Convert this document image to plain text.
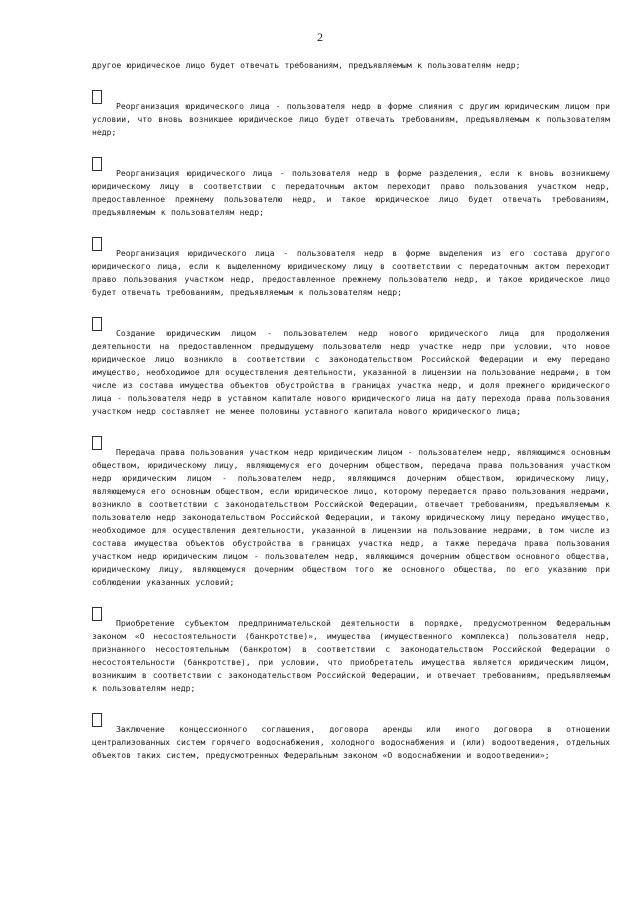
2

другое юридическое лицо будет отвечать требованиям, предъявляемым к пользователям недр;

Реорганизация юридического лица - пользователя недр в форме слияния с другим юридическим лицом при условии, что вновь возникшее юридическое лицо будет отвечать требованиям, предъявляемым к пользователям недр;

Реорганизация юридического лица - пользователя недр в форме разделения, если к вновь возникшему юридическому лицу в соответствии с передаточным актом переходит право пользования участком недр, предоставленное прежнему пользователю недр, и такое юридическое лицо будет отвечать требованиям, предъявляемым к пользователям недр;

Реорганизация юридического лица - пользователя недр в форме выделения из его состава другого юридического лица, если к выделенному юридическому лицу в соответствии с передаточным актом переходит право пользования участком недр, предоставленное прежнему пользователю недр, и такое юридическое лицо будет отвечать требованиям, предъявляемым к пользователям недр;

Создание юридическим лицом - пользователем недр нового юридического лица для продолжения деятельности на предоставленном предыдущему пользователю недр участке недр при условии, что новое юридическое лицо возникло в соответствии с законодательством Российской Федерации и ему передано имущество, необходимое для осуществления деятельности, указанной в лицензии на пользование недрами, в том числе из состава имущества объектов обустройства в границах участка недр, и доля прежнего юридического лица - пользователя недр в уставном капитале нового юридического лица на дату перехода права пользования участком недр составляет не менее половины уставного капитала нового юридического лица;

Передача права пользования участком недр юридическим лицом - пользователем недр, являющимся основным обществом, юридическому лицу, являющемуся его дочерним обществом, передача права пользования участком недр юридическим лицом - пользователем недр, являющимся дочерним обществом, юридическому лицу, являющемуся его основным обществом, если юридическое лицо, которому передается право пользования недрами, возникло в соответствии с законодательством Российской Федерации, отвечает требованиям, предъявляемым к пользователю недр законодательством Российской Федерации, и такому юридическому лицу передано имущество, необходимое для осуществления деятельности, указанной в лицензии на пользование недрами, в том числе из состава имущества объектов обустройства в границах участка недр, а также передача права пользования участком недр юридическим лицом - пользователем недр, являющимся дочерним обществом основного общества, юридическому лицу, являющемуся дочерним обществом того же основного общества, по его указанию при соблюдении указанных условий;

Приобретение субъектом предпринимательской деятельности в порядке, предусмотренном Федеральным законом «О несостоятельности (банкротстве)», имущества (имущественного комплекса) пользователя недр, признанного несостоятельным (банкротом) в соответствии с законодательством Российской Федерации о несостоятельности (банкротстве), при условии, что приобретатель имущества является юридическим лицом, возникшим в соответствии с законодательством Российской Федерации, и отвечает требованиям, предъявляемым к пользователям недр;

Заключение концессионного соглашения, договора аренды или иного договора в отношении централизованных систем горячего водоснабжения, холодного водоснабжения и (или) водоотведения, отдельных объектов таких систем, предусмотренных Федеральным законом «О водоснабжении и водоотведении»;
